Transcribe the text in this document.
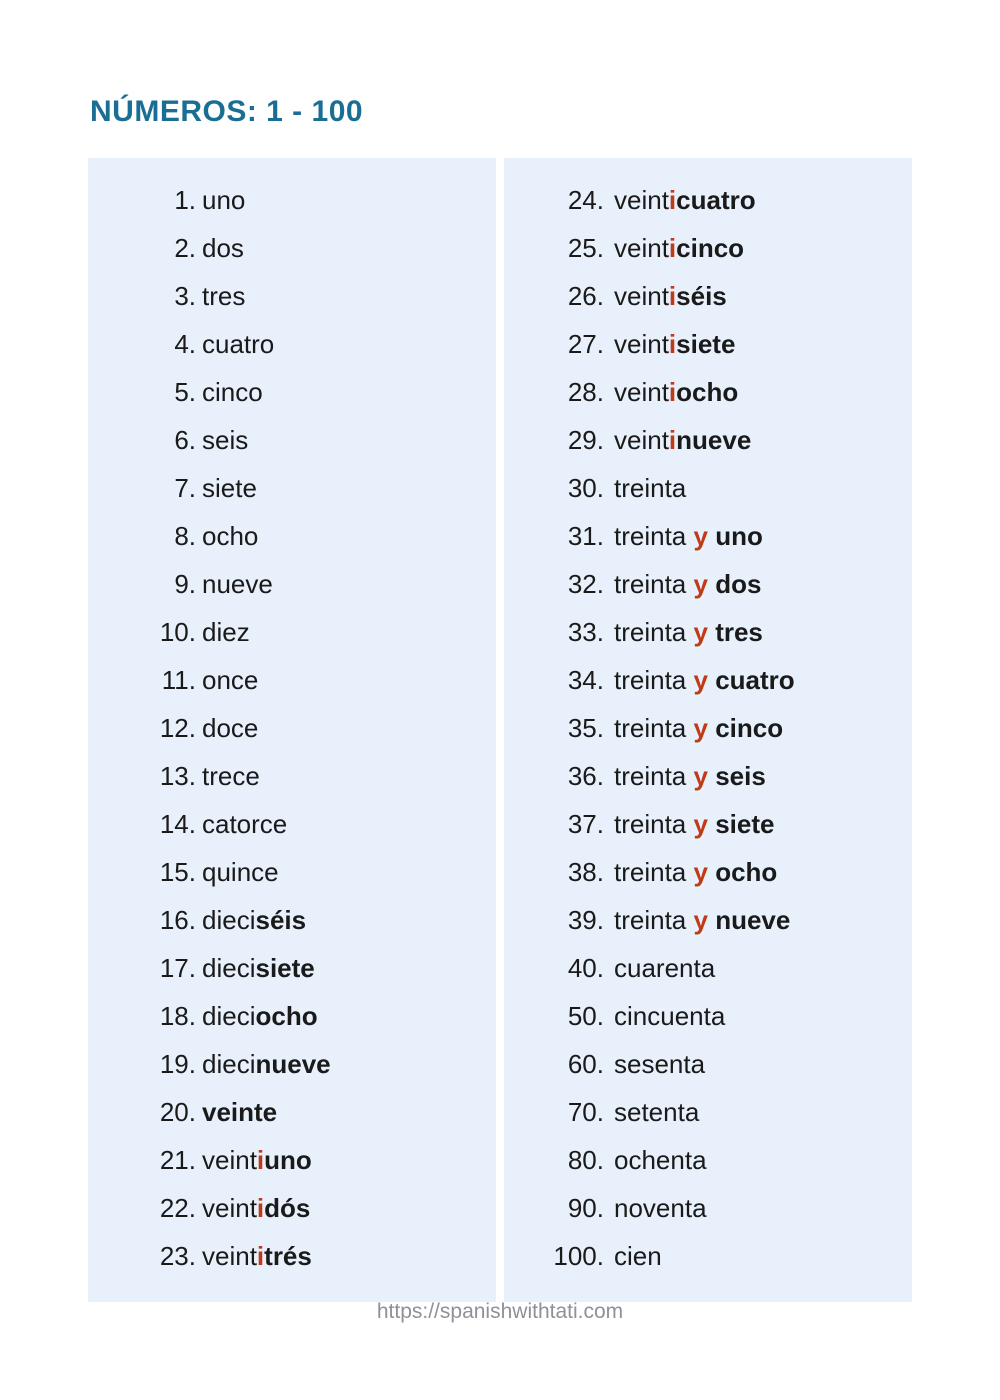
NÚMEROS: 1 - 100
1. uno
2. dos
3. tres
4. cuatro
5. cinco
6. seis
7. siete
8. ocho
9. nueve
10. diez
11. once
12. doce
13. trece
14. catorce
15. quince
16. dieciséis
17. diecisiete
18. dieciocho
19. diecinueve
20. veinte
21. veintiuno
22. veintidós
23. veintitrés
24. veinticuatro
25. veinticinco
26. veintiséis
27. veintisiete
28. veintiocho
29. veintinueve
30. treinta
31. treinta y uno
32. treinta y dos
33. treinta y tres
34. treinta y cuatro
35. treinta y cinco
36. treinta y seis
37. treinta y siete
38. treinta y ocho
39. treinta y nueve
40. cuarenta
50. cincuenta
60. sesenta
70. setenta
80. ochenta
90. noventa
100. cien
https://spanishwithtati.com
